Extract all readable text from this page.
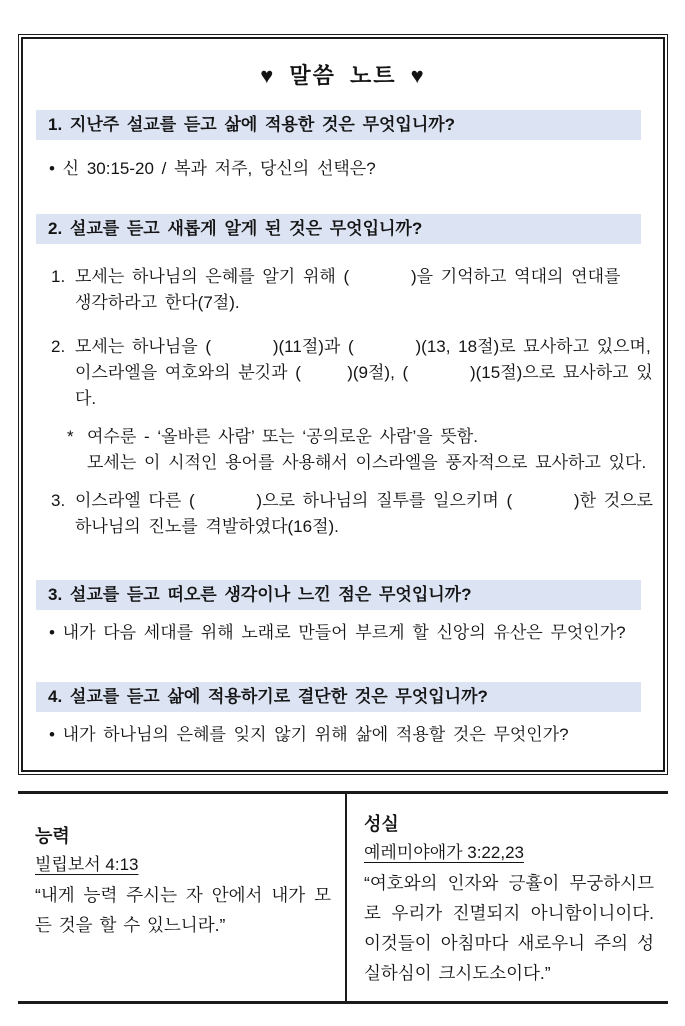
♥ 말씀 노트 ♥
1. 지난주 설교를 듣고 삶에 적용한 것은 무엇입니까?
• 신 30:15-20 / 복과 저주, 당신의 선택은?
2. 설교를 듣고 새롭게 알게 된 것은 무엇입니까?
1. 모세는 하나님의 은혜를 알기 위해 (        )을 기억하고 역대의 연대를
생각하라고 한다(7절).
2. 모세는 하나님을 (        )(11절)과 (        )(13, 18절)로 묘사하고 있으며,
이스라엘을 여호와의 분깃과 (      )(9절), (        )(15절)으로 묘사하고 있다.
* 여수룬 - ‘올바른 사람’ 또는 ‘공의로운 사람’을 뜻함.
모세는 이 시적인 용어를 사용해서 이스라엘을 풍자적으로 묘사하고 있다.
3. 이스라엘 다른 (        )으로 하나님의 질투를 일으키며 (        )한 것으로
하나님의 진노를 격발하였다(16절).
3. 설교를 듣고 떠오른 생각이나 느낀 점은 무엇입니까?
• 내가 다음 세대를 위해 노래로 만들어 부르게 할 신앙의 유산은 무엇인가?
4. 설교를 듣고 삶에 적용하기로 결단한 것은 무엇입니까?
• 내가 하나님의 은혜를 잊지 않기 위해 삶에 적용할 것은 무엇인가?
능력
빌립보서 4:13
“내게 능력 주시는 자 안에서 내가 모든 것을 할 수 있느니라.”
성실
예레미야애가 3:22,23
“여호와의 인자와 긍휼이 무궁하시므로 우리가 진멸되지 아니함이니이다. 이것들이 아침마다 새로우니 주의 성실하심이 크시도소이다.”
